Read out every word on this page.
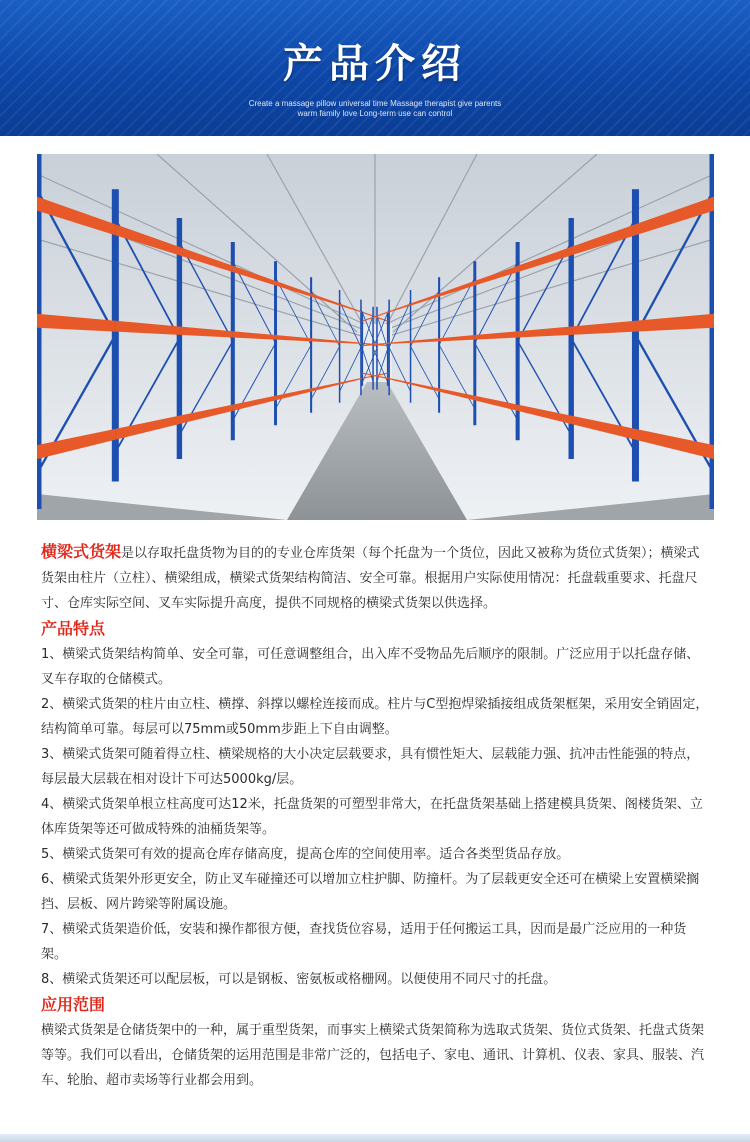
产品介绍
Create a massage pillow universal time Massage therapist give parents
warm family love Long-term use can control

横梁式货架是以存取托盘货物为目的的专业仓库货架（每个托盘为一个货位，因此又被称为货位式货架）；横梁式货架由柱片（立柱）、横梁组成，横梁式货架结构简洁、安全可靠。根据用户实际使用情况：托盘载重要求、托盘尺寸、仓库实际空间、叉车实际提升高度，提供不同规格的横梁式货架以供选择。

产品特点

1、横梁式货架结构简单、安全可靠，可任意调整组合，出入库不受物品先后顺序的限制。广泛应用于以托盘存储、叉车存取的仓储模式。

2、横梁式货架的柱片由立柱、横撑、斜撑以螺栓连接而成。柱片与C型抱焊梁插接组成货架框架，采用安全销固定，结构简单可靠。每层可以75mm或50mm步距上下自由调整。

3、横梁式货架可随着得立柱、横梁规格的大小决定层载要求，具有惯性矩大、层载能力强、抗冲击性能强的特点，每层最大层载在相对设计下可达5000kg/层。

4、横梁式货架单根立柱高度可达12米，托盘货架的可塑型非常大，在托盘货架基础上搭建模具货架、阁楼货架、立体库货架等还可做成特殊的油桶货架等。

5、横梁式货架可有效的提高仓库存储高度，提高仓库的空间使用率。适合各类型货品存放。

6、横梁式货架外形更安全，防止叉车碰撞还可以增加立柱护脚、防撞杆。为了层载更安全还可在横梁上安置横梁搁挡、层板、网片跨梁等附属设施。

7、横梁式货架造价低，安装和操作都很方便，查找货位容易，适用于任何搬运工具，因而是最广泛应用的一种货架。

8、横梁式货架还可以配层板，可以是钢板、密氨板或格栅网。以便使用不同尺寸的托盘。

应用范围

横梁式货架是仓储货架中的一种，属于重型货架，而事实上横梁式货架简称为选取式货架、货位式货架、托盘式货架等等。我们可以看出，仓储货架的运用范围是非常广泛的，包括电子、家电、通讯、计算机、仪表、家具、服装、汽车、轮胎、超市卖场等行业都会用到。
